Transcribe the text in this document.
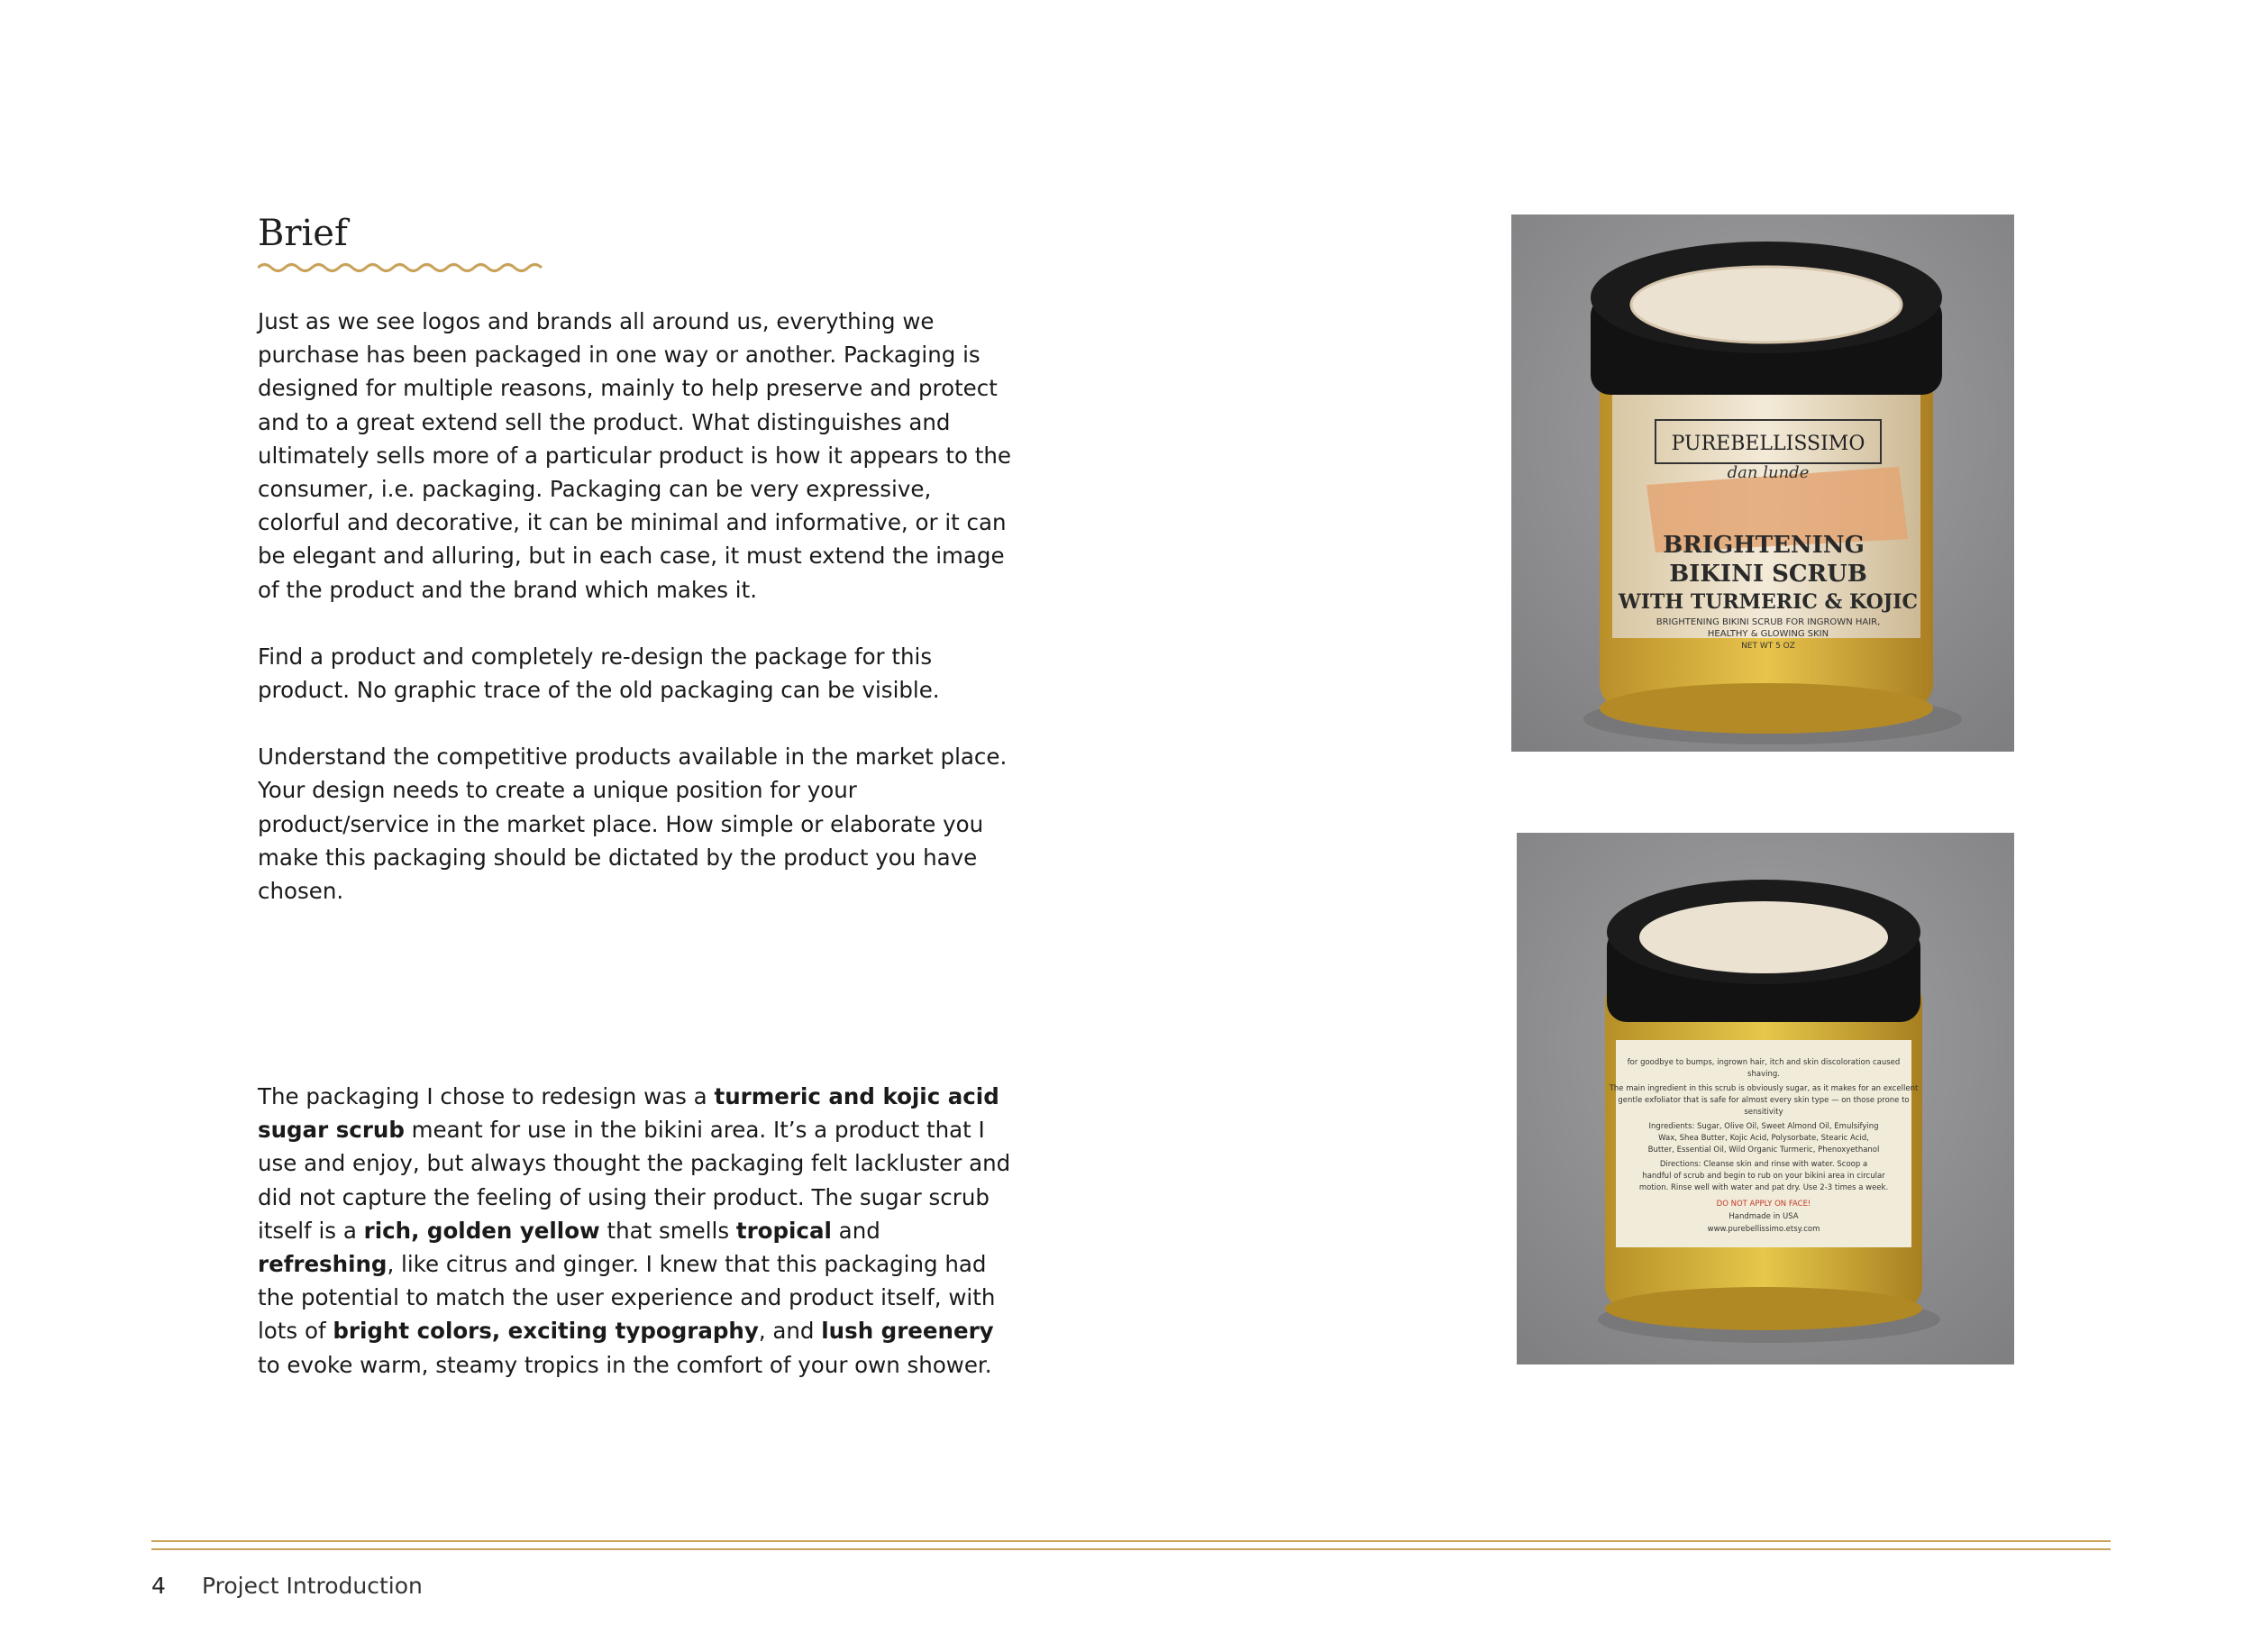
Brief

Just as we see logos and brands all around us, everything we purchase has been packaged in one way or another. Packaging is designed for multiple reasons, mainly to help preserve and protect and to a great extend sell the product. What distinguishes and ultimately sells more of a particular product is how it appears to the consumer, i.e. packaging. Packaging can be very expressive, colorful and decorative, it can be minimal and informative, or it can be elegant and alluring, but in each case, it must extend the image of the product and the brand which makes it.

Find a product and completely re-design the package for this product. No graphic trace of the old packaging can be visible.

Understand the competitive products available in the market place. Your design needs to create a unique position for your product/service in the market place. How simple or elaborate you make this packaging should be dictated by the product you have chosen.

The packaging I chose to redesign was a turmeric and kojic acid sugar scrub meant for use in the bikini area. It’s a product that I use and enjoy, but always thought the packaging felt lackluster and did not capture the feeling of using their product. The sugar scrub itself is a rich, golden yellow that smells tropical and refreshing, like citrus and ginger. I knew that this packaging had the potential to match the user experience and product itself, with lots of bright colors, exciting typography, and lush greenery to evoke warm, steamy tropics in the comfort of your own shower.

PUREBELLISSIMO
dan lunde
BRIGHTENING
BIKINI SCRUB
WITH TURMERIC & KOJIC
BRIGHTENING BIKINI SCRUB FOR INGROWN HAIR,
HEALTHY & GLOWING SKIN
NET WT 5 OZ
for goodbye to bumps, ingrown hair, itch and skin discoloration caused
shaving.
The main ingredient in this scrub is obviously sugar, as it makes for an excellent
gentle exfoliator that is safe for almost every skin type — on those prone to
sensitivity
Ingredients: Sugar, Olive Oil, Sweet Almond Oil, Emulsifying
Wax, Shea Butter, Kojic Acid, Polysorbate, Stearic Acid,
Butter, Essential Oil, Wild Organic Turmeric, Phenoxyethanol
Directions: Cleanse skin and rinse with water. Scoop a
handful of scrub and begin to rub on your bikini area in circular
motion. Rinse well with water and pat dry. Use 2-3 times a week.
DO NOT APPLY ON FACE!
Handmade in USA
www.purebellissimo.etsy.com
4 Project Introduction
